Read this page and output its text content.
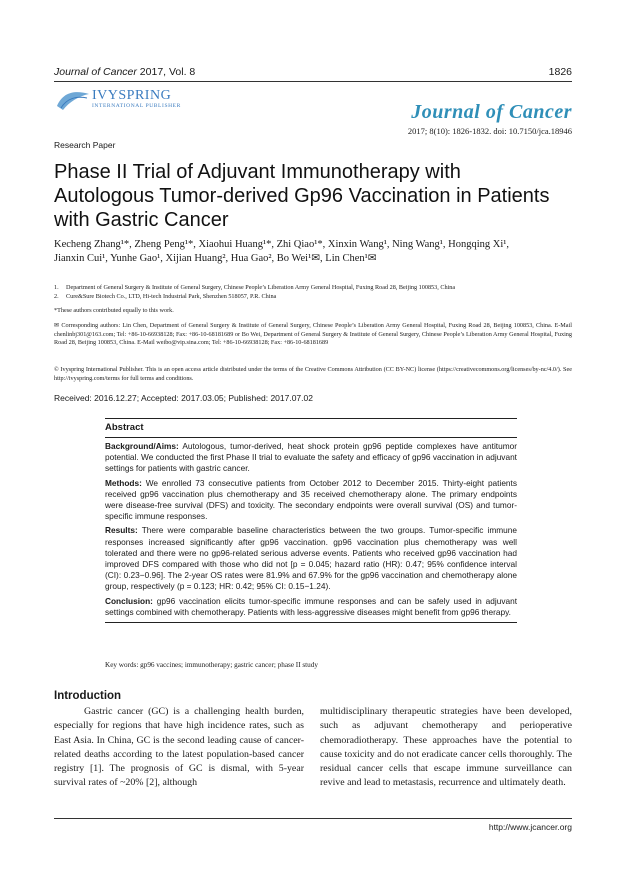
Journal of Cancer 2017, Vol. 8	1826
IVYSPRING
INTERNATIONAL PUBLISHER	Journal of Cancer
2017; 8(10): 1826-1832. doi: 10.7150/jca.18946
Research Paper
Phase II Trial of Adjuvant Immunotherapy with Autologous Tumor-derived Gp96 Vaccination in Patients with Gastric Cancer
Kecheng Zhang¹*, Zheng Peng¹*, Xiaohui Huang¹*, Zhi Qiao¹*, Xinxin Wang¹, Ning Wang¹, Hongqing Xi¹,
Jianxin Cui¹, Yunhe Gao¹, Xijian Huang², Hua Gao², Bo Wei¹✉, Lin Chen¹✉
1. Department of General Surgery & Institute of General Surgery, Chinese People’s Liberation Army General Hospital, Fuxing Road 28, Beijing 100853, China
2. Cure&Sure Biotech Co., LTD, Hi-tech Industrial Park, Shenzhen 518057, P.R. China
*These authors contributed equally to this work.
✉ Corresponding authors: Lin Chen, Department of General Surgery & Institute of General Surgery, Chinese People’s Liberation Army General Hospital, Fuxing Road 28, Beijing 100853, China. E-Mail chenlinbj301@163.com; Tel: +86-10-66938128; Fax: +86-10-68181689 or Bo Wei, Department of General Surgery & Institute of General Surgery, Chinese People’s Liberation Army General Hospital, Fuxing Road 28, Beijing 100853, China. E-Mail weibo@vip.sina.com; Tel: +86-10-66938128; Fax: +86-10-68181689
© Ivyspring International Publisher. This is an open access article distributed under the terms of the Creative Commons Attribution (CC BY-NC) license (https://creativecommons.org/licenses/by-nc/4.0/). See http://ivyspring.com/terms for full terms and conditions.
Received: 2016.12.27; Accepted: 2017.03.05; Published: 2017.07.02
Abstract
Background/Aims: Autologous, tumor-derived, heat shock protein gp96 peptide complexes have antitumor potential. We conducted the first Phase II trial to evaluate the safety and efficacy of gp96 vaccination in adjuvant settings for patients with gastric cancer.
Methods: We enrolled 73 consecutive patients from October 2012 to December 2015. Thirty-eight patients received gp96 vaccination plus chemotherapy and 35 received chemotherapy alone. The primary endpoints were disease-free survival (DFS) and toxicity. The secondary endpoints were overall survival (OS) and tumor-specific immune responses.
Results: There were comparable baseline characteristics between the two groups. Tumor-specific immune responses increased significantly after gp96 vaccination. gp96 vaccination plus chemotherapy was well tolerated and there were no gp96-related serious adverse events. Patients who received gp96 vaccination had improved DFS compared with those who did not [p = 0.045; hazard ratio (HR): 0.47; 95% confidence interval (CI): 0.23−0.96]. The 2-year OS rates were 81.9% and 67.9% for the gp96 vaccination and chemotherapy alone group, respectively (p = 0.123; HR: 0.42; 95% CI: 0.15−1.24).
Conclusion: gp96 vaccination elicits tumor-specific immune responses and can be safely used in adjuvant settings combined with chemotherapy. Patients with less-aggressive diseases might benefit from gp96 therapy.
Key words: gp96 vaccines; immunotherapy; gastric cancer; phase II study
Introduction
Gastric cancer (GC) is a challenging health burden, especially for regions that have high incidence rates, such as East Asia. In China, GC is the second leading cause of cancer-related deaths according to the latest population-based cancer registry [1]. The prognosis of GC is dismal, with 5-year survival rates of ~20% [2], although
multidisciplinary therapeutic strategies have been developed, such as adjuvant chemotherapy and perioperative chemoradiotherapy. These approaches have the potential to cause toxicity and do not eradicate cancer cells thoroughly. The residual cancer cells that escape immune surveillance can revive and lead to metastasis, recurrence and ultimately death.
http://www.jcancer.org
